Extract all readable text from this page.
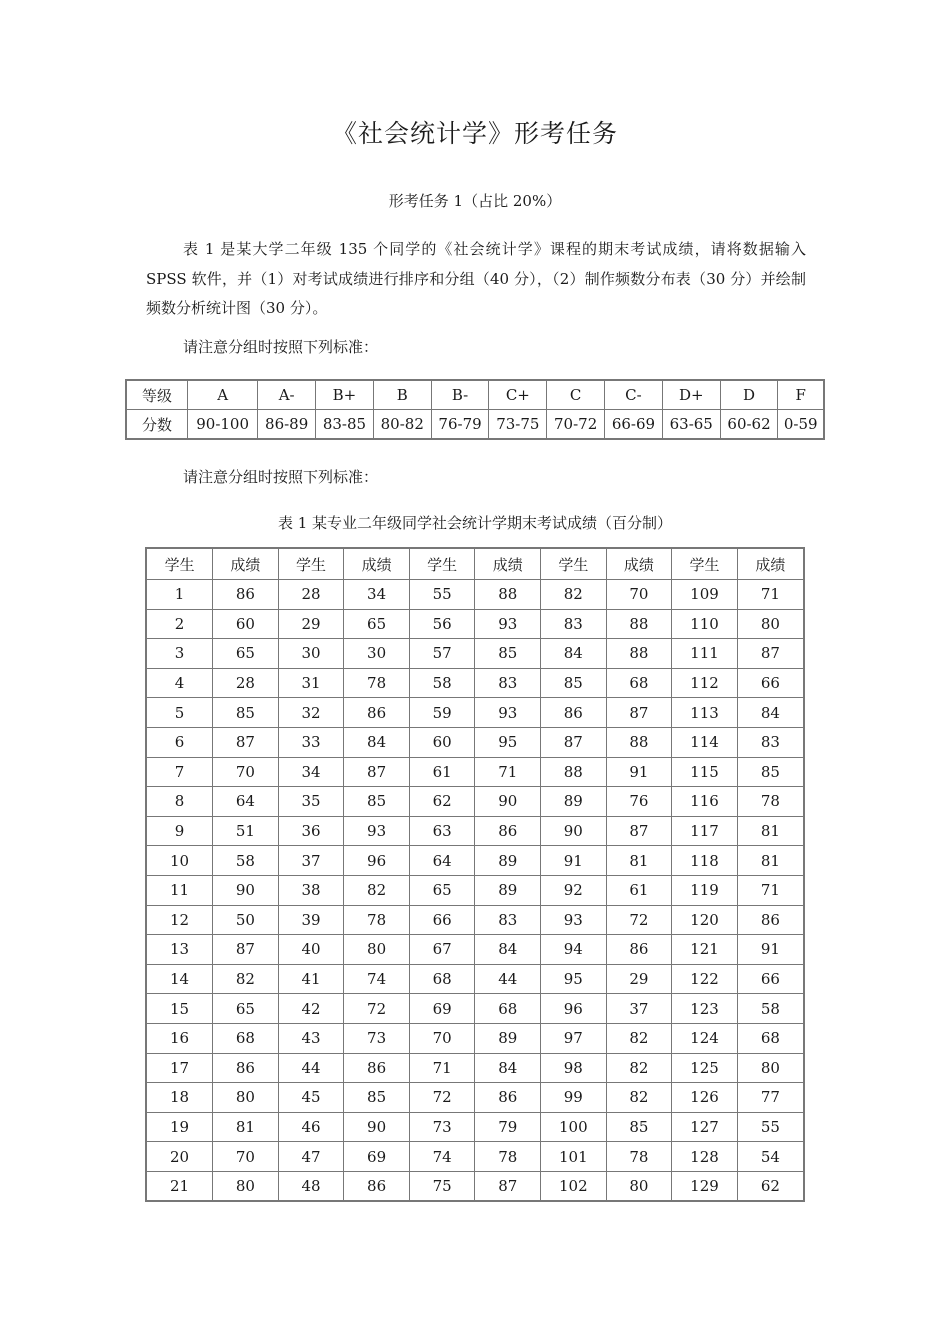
《社会统计学》形考任务
形考任务 1（占比 20%）

表 1 是某大学二年级 135 个同学的《社会统计学》课程的期末考试成绩，请将数据输入 SPSS 软件，并（1）对考试成绩进行排序和分组（40 分），（2）制作频数分布表（30 分）并绘制频数分析统计图（30 分）。

请注意分组时按照下列标准：
等级	A	A-	B+	B	B-	C+	C	C-	D+	D	F
分数	90-100	86-89	83-85	80-82	76-79	73-75	70-72	66-69	63-65	60-62	0-59
请注意分组时按照下列标准：
表 1 某专业二年级同学社会统计学期末考试成绩（百分制）
学生	成绩	学生	成绩	学生	成绩	学生	成绩	学生	成绩
1	86	28	34	55	88	82	70	109	71
2	60	29	65	56	93	83	88	110	80
3	65	30	30	57	85	84	88	111	87
4	28	31	78	58	83	85	68	112	66
5	85	32	86	59	93	86	87	113	84
6	87	33	84	60	95	87	88	114	83
7	70	34	87	61	71	88	91	115	85
8	64	35	85	62	90	89	76	116	78
9	51	36	93	63	86	90	87	117	81
10	58	37	96	64	89	91	81	118	81
11	90	38	82	65	89	92	61	119	71
12	50	39	78	66	83	93	72	120	86
13	87	40	80	67	84	94	86	121	91
14	82	41	74	68	44	95	29	122	66
15	65	42	72	69	68	96	37	123	58
16	68	43	73	70	89	97	82	124	68
17	86	44	86	71	84	98	82	125	80
18	80	45	85	72	86	99	82	126	77
19	81	46	90	73	79	100	85	127	55
20	70	47	69	74	78	101	78	128	54
21	80	48	86	75	87	102	80	129	62
